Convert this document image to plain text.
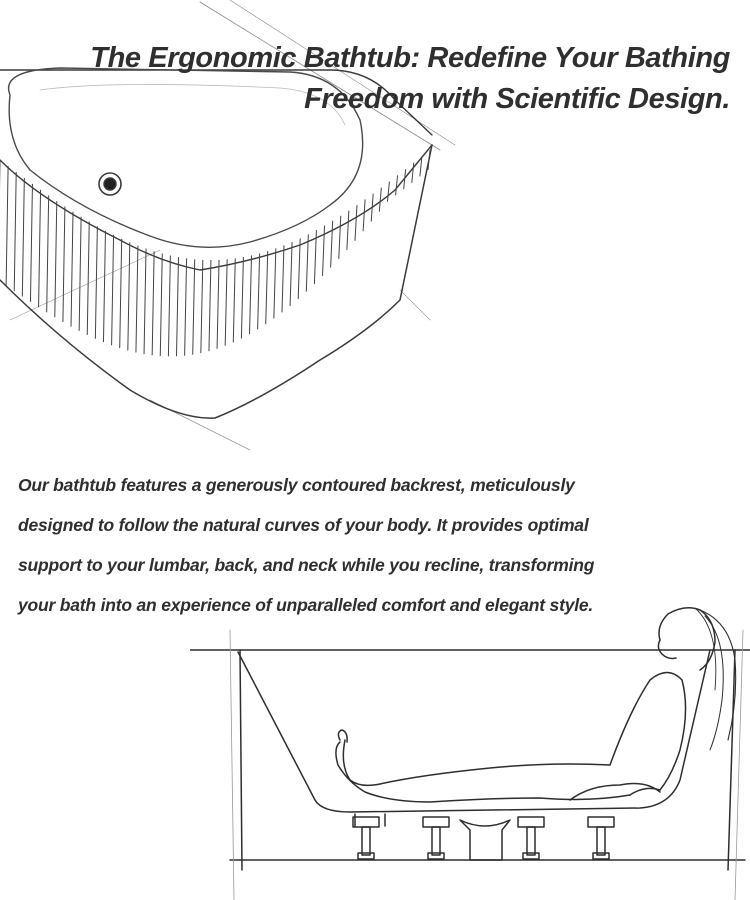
The Ergonomic Bathtub: Redefine Your Bathing
Freedom with Scientific Design.

Our bathtub features a generously contoured backrest, meticulously
designed to follow the natural curves of your body. It provides optimal
support to your lumbar, back, and neck while you recline, transforming
your bath into an experience of unparalleled comfort and elegant style.
